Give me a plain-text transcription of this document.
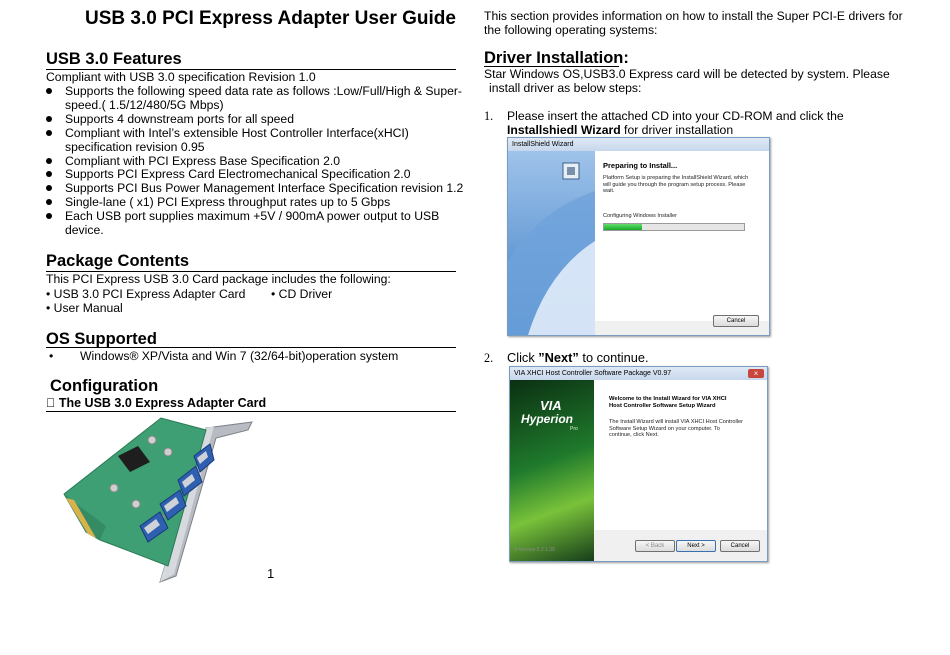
USB 3.0 PCI Express Adapter User Guide
USB 3.0 Features
Compliant with USB 3.0 specification Revision 1.0
Supports the following speed data rate as follows :Low/Full/High & Super-
speed.( 1.5/12/480/5G Mbps)
Supports 4 downstream ports for all speed
Compliant with Intel’s extensible Host Controller Interface(xHCI)
specification revision 0.95
Compliant with PCI Express Base Specification 2.0
Supports PCI Express Card Electromechanical Specification 2.0
Supports PCI Bus Power Management Interface Specification revision 1.2
Single-lane ( x1) PCI Express throughput rates up to 5 Gbps
Each USB port supplies maximum +5V / 900mA power output to USB
device.
Package Contents
This PCI Express USB 3.0 Card package includes the following:
• USB 3.0 PCI Express Adapter Card • CD Driver
• User Manual
OS Supported
• Windows® XP/Vista and Win 7 (32/64-bit)operation system
Configuration
The USB 3.0 Express Adapter Card
1
This section provides information on how to install the Super PCI-E drivers for
the following operating systems:
Driver Installation:
Star Windows OS,USB3.0 Express card will be detected by system. Please
install driver as below steps:
1. Please insert the attached CD into your CD-ROM and click the
Installshiedl Wizard for driver installation
InstallShield Wizard
Preparing to Install...
Platform Setup is preparing the InstallShield Wizard, which will guide you through the program setup process. Please wait.
Configuring Windows Installer
Cancel
2. Click ”Next” to continue.
VIA XHCI Host Controller Software Package V0.97	×
VIA
Hyperion
Pro
Welcome to the Install Wizard for VIA XHCI
Host Controller Software Setup Wizard
The Install Wizard will install VIA XHCI Host Controller Software Setup Wizard on your computer. To continue, click Next.
V-Version 5.2.1.38
< Back	Next >	Cancel
